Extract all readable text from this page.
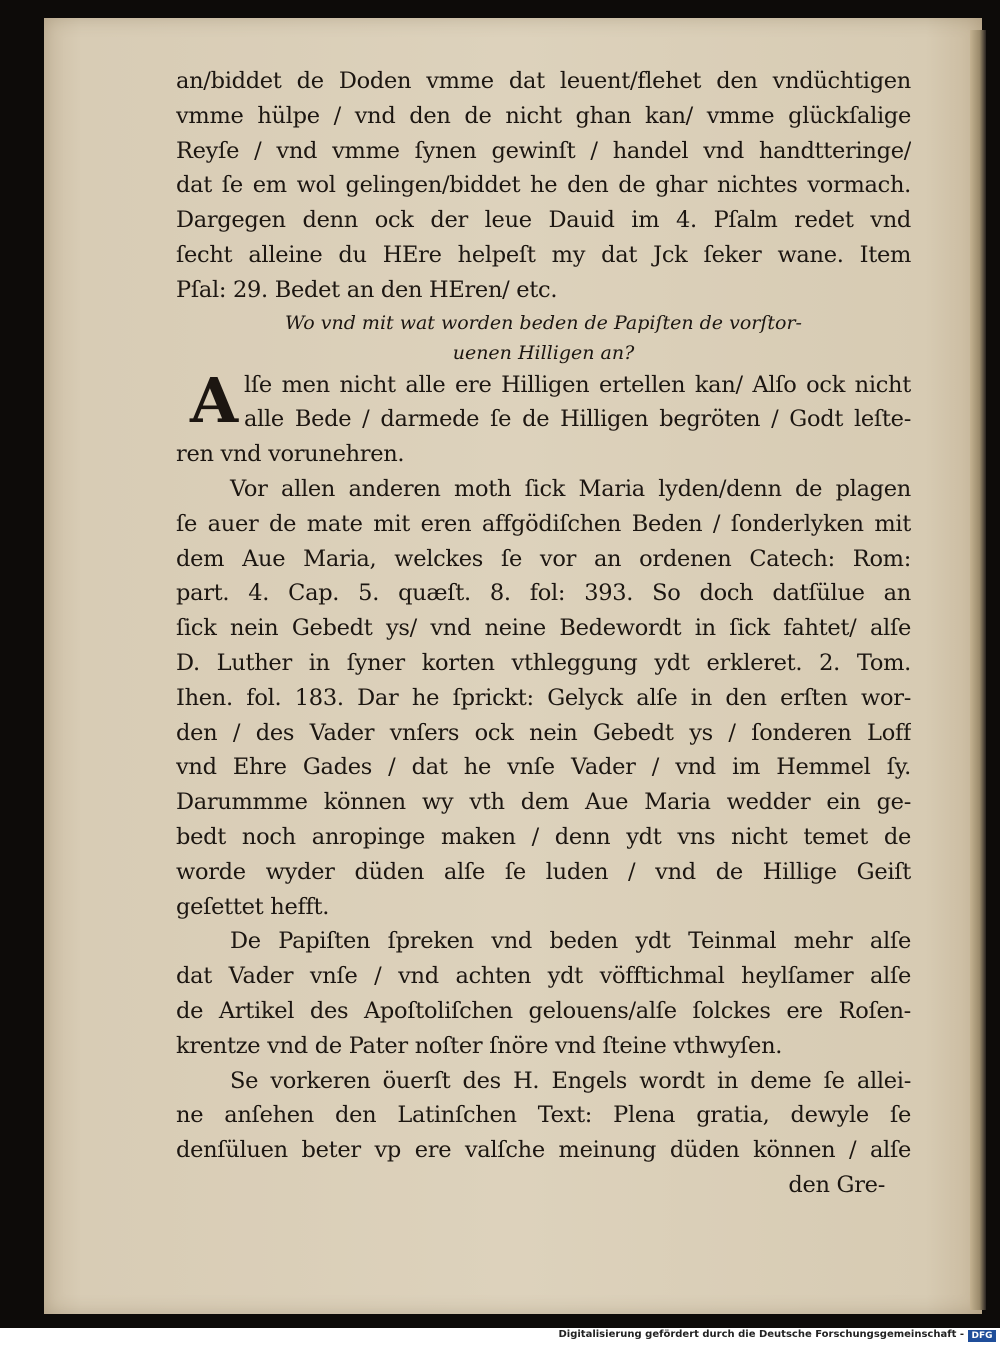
an/biddet de Doden vmme dat leuent/flehet den vndüchtigen
vmme hülpe / vnd den de nicht ghan kan/ vmme glückſalige
Reyſe / vnd vmme ſynen gewinſt / handel vnd handtteringe/
dat ſe em wol gelingen/biddet he den de ghar nichtes vormach.
Dargegen denn ock der leue Dauid im 4. Pſalm redet vnd
ſecht alleine du HEre helpeſt my dat Jck ſeker wane. Item
Pſal: 29. Bedet an den HEren/ etc.
Wo vnd mit wat worden beden de Papiſten de vorſtor-
uenen Hilligen an?
A lſe men nicht alle ere Hilligen ertellen kan/ Alſo ock nicht
alle Bede / darmede ſe de Hilligen begröten / Godt leſte-
ren vnd vorunehren.
Vor allen anderen moth ſick Maria lyden/denn de plagen
ſe auer de mate mit eren affgödiſchen Beden / ſonderlyken mit
dem Aue Maria, welckes ſe vor an ordenen Catech: Rom:
part. 4. Cap. 5. quæſt. 8. fol: 393. So doch datſülue an
ſick nein Gebedt ys/ vnd neine Bedewordt in ſick fahtet/ alſe
D. Luther in ſyner korten vthleggung ydt erkleret. 2. Tom.
Ihen. fol. 183. Dar he ſprickt: Gelyck alſe in den erſten wor-
den / des Vader vnſers ock nein Gebedt ys / ſonderen Loff
vnd Ehre Gades / dat he vnſe Vader / vnd im Hemmel ſy.
Darummme können wy vth dem Aue Maria wedder ein ge-
bedt noch anropinge maken / denn ydt vns nicht temet de
worde wyder düden alſe ſe luden / vnd de Hillige Geiſt
geſettet hefft.
De Papiſten ſpreken vnd beden ydt Teinmal mehr alſe
dat Vader vnſe / vnd achten ydt vöfftichmal heylſamer alſe
de Artikel des Apoſtoliſchen gelouens/alſe ſolckes ere Roſen-
krentze vnd de Pater noſter ſnöre vnd ſteine vthwyſen.
Se vorkeren öuerſt des H. Engels wordt in deme ſe allei-
ne anſehen den Latinſchen Text: Plena gratia, dewyle ſe
denſüluen beter vp ere valſche meinung düden können / alſe
den Gre-
Digitalisierung gefördert durch die Deutsche Forschungsgemeinschaft - DFG
